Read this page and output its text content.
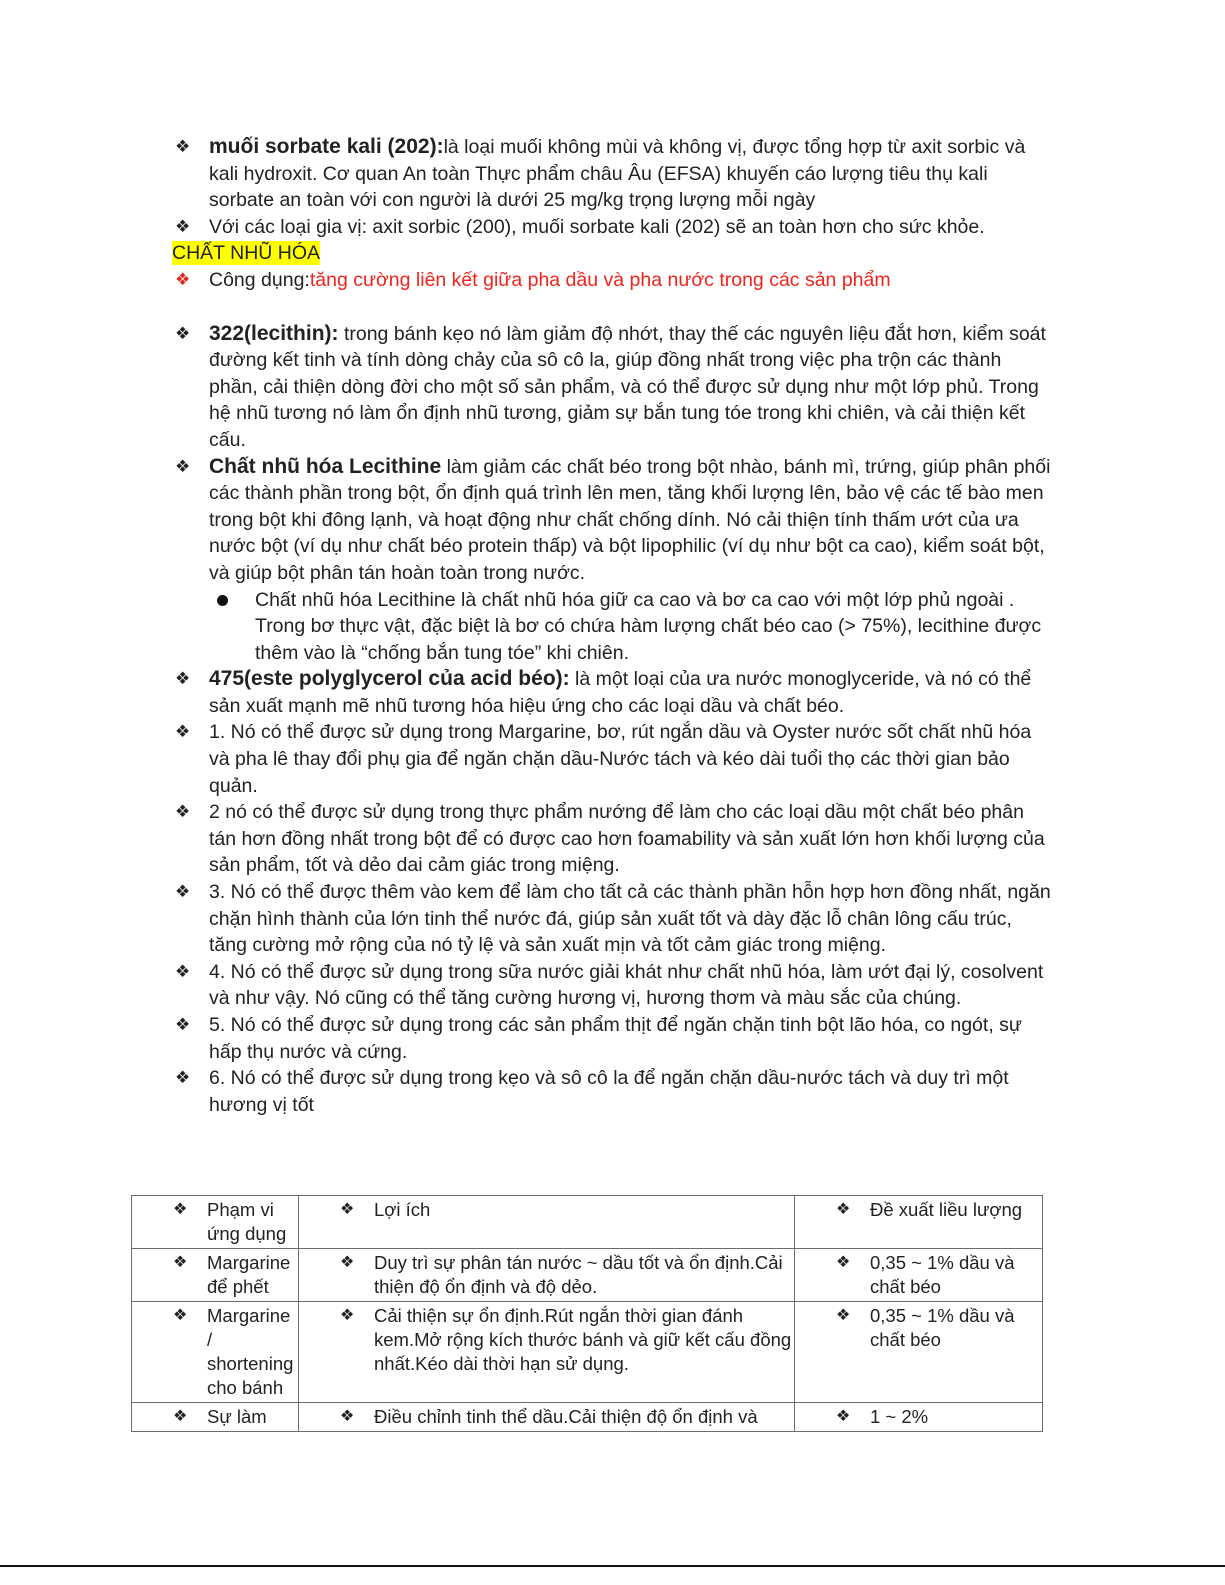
❖ muối sorbate kali (202):là loại muối không mùi và không vị, được tổng hợp từ axit sorbic và kali hydroxit. Cơ quan An toàn Thực phẩm châu Âu (EFSA) khuyến cáo lượng tiêu thụ kali sorbate an toàn với con người là dưới 25 mg/kg trọng lượng mỗi ngày
❖ Với các loại gia vị: axit sorbic (200), muối sorbate kali (202) sẽ an toàn hơn cho sức khỏe.
CHẤT NHŨ HÓA
❖ Công dụng:tăng cường liên kết giữa pha dầu và pha nước trong các sản phẩm
❖ 322(lecithin): trong bánh kẹo nó làm giảm độ nhớt, thay thế các nguyên liệu đắt hơn, kiểm soát đường kết tinh và tính dòng chảy của sô cô la, giúp đồng nhất trong việc pha trộn các thành phần, cải thiện dòng đời cho một số sản phẩm, và có thể được sử dụng như một lớp phủ. Trong hệ nhũ tương nó làm ổn định nhũ tương, giảm sự bắn tung tóe trong khi chiên, và cải thiện kết cấu.
❖ Chất nhũ hóa Lecithine làm giảm các chất béo trong bột nhào, bánh mì, trứng, giúp phân phối các thành phần trong bột, ổn định quá trình lên men, tăng khối lượng lên, bảo vệ các tế bào men trong bột khi đông lạnh, và hoạt động như chất chống dính. Nó cải thiện tính thấm ướt của ưa nước bột (ví dụ như chất béo protein thấp) và bột lipophilic (ví dụ như bột ca cao), kiểm soát bột, và giúp bột phân tán hoàn toàn trong nước.
Chất nhũ hóa Lecithine là chất nhũ hóa giữ ca cao và bơ ca cao với một lớp phủ ngoài . Trong bơ thực vật, đặc biệt là bơ có chứa hàm lượng chất béo cao (> 75%), lecithine được thêm vào là “chống bắn tung tóe” khi chiên.
❖ 475(este polyglycerol của acid béo): là một loại của ưa nước monoglyceride, và nó có thể sản xuất mạnh mẽ nhũ tương hóa hiệu ứng cho các loại dầu và chất béo.
❖ 1. Nó có thể được sử dụng trong Margarine, bơ, rút ngắn dầu và Oyster nước sốt chất nhũ hóa và pha lê thay đổi phụ gia để ngăn chặn dầu-Nước tách và kéo dài tuổi thọ các thời gian bảo quản.
❖ 2 nó có thể được sử dụng trong thực phẩm nướng để làm cho các loại dầu một chất béo phân tán hơn đồng nhất trong bột để có được cao hơn foamability và sản xuất lớn hơn khối lượng của sản phẩm, tốt và dẻo dai cảm giác trong miệng.
❖ 3. Nó có thể được thêm vào kem để làm cho tất cả các thành phần hỗn hợp hơn đồng nhất, ngăn chặn hình thành của lớn tinh thể nước đá, giúp sản xuất tốt và dày đặc lỗ chân lông cấu trúc, tăng cường mở rộng của nó tỷ lệ và sản xuất mịn và tốt cảm giác trong miệng.
❖ 4. Nó có thể được sử dụng trong sữa nước giải khát như chất nhũ hóa, làm ướt đại lý, cosolvent và như vậy. Nó cũng có thể tăng cường hương vị, hương thơm và màu sắc của chúng.
❖ 5. Nó có thể được sử dụng trong các sản phẩm thịt để ngăn chặn tinh bột lão hóa, co ngót, sự hấp thụ nước và cứng.
❖ 6. Nó có thể được sử dụng trong kẹo và sô cô la để ngăn chặn dầu-nước tách và duy trì một hương vị tốt
❖ Phạm vi ứng dụng	❖ Lợi ích	❖ Đề xuất liều lượng

❖ Margarine để phết	❖ Duy trì sự phân tán nước ~ dầu tốt và ổn định.Cải thiện độ ổn định và độ dẻo.	❖ 0,35 ~ 1% dầu và chất béo

❖ Margarine / shortening cho bánh	❖ Cải thiện sự ổn định.Rút ngắn thời gian đánh kem.Mở rộng kích thước bánh và giữ kết cấu đồng nhất.Kéo dài thời hạn sử dụng.	❖ 0,35 ~ 1% dầu và chất béo

❖ Sự làm	❖ Điều chỉnh tinh thể dầu.Cải thiện độ ổn định và	❖ 1 ~ 2%
